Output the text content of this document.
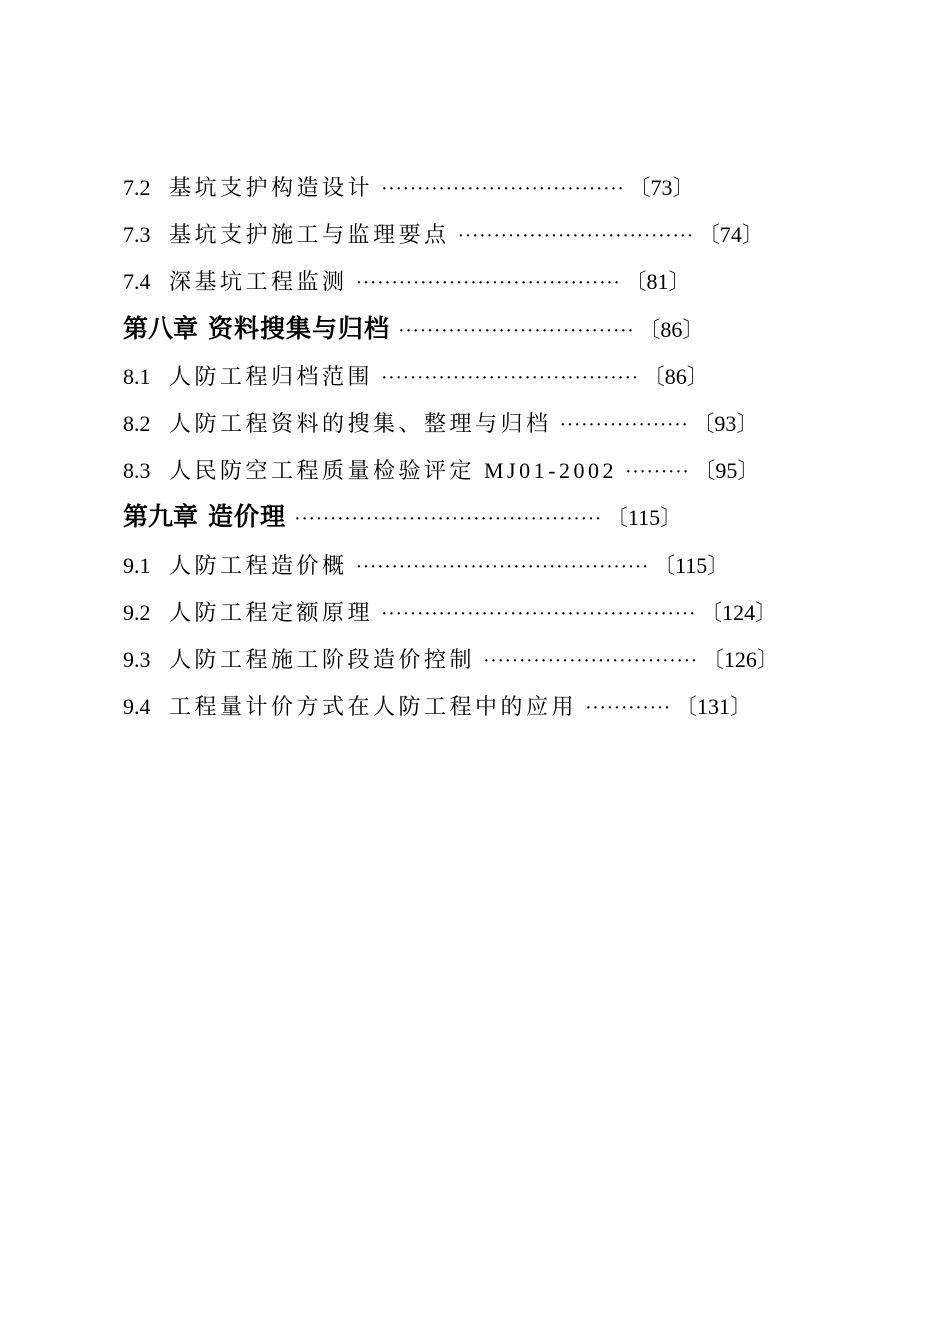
7.2 基坑支护构造设计 ·································· 〔73〕
7.3 基坑支护施工与监理要点 ································· 〔74〕
7.4 深基坑工程监测 ····································· 〔81〕
第八章 资料搜集与归档 ································· 〔86〕
8.1 人防工程归档范围 ···································· 〔86〕
8.2 人防工程资料的搜集、整理与归档 ·················· 〔93〕
8.3 人民防空工程质量检验评定 MJ01-2002 ········· 〔95〕
第九章 造价理 ··········································· 〔115〕
9.1 人防工程造价概 ········································· 〔115〕
9.2 人防工程定额原理 ············································ 〔124〕
9.3 人防工程施工阶段造价控制 ······························ 〔126〕
9.4 工程量计价方式在人防工程中的应用 ············ 〔131〕
